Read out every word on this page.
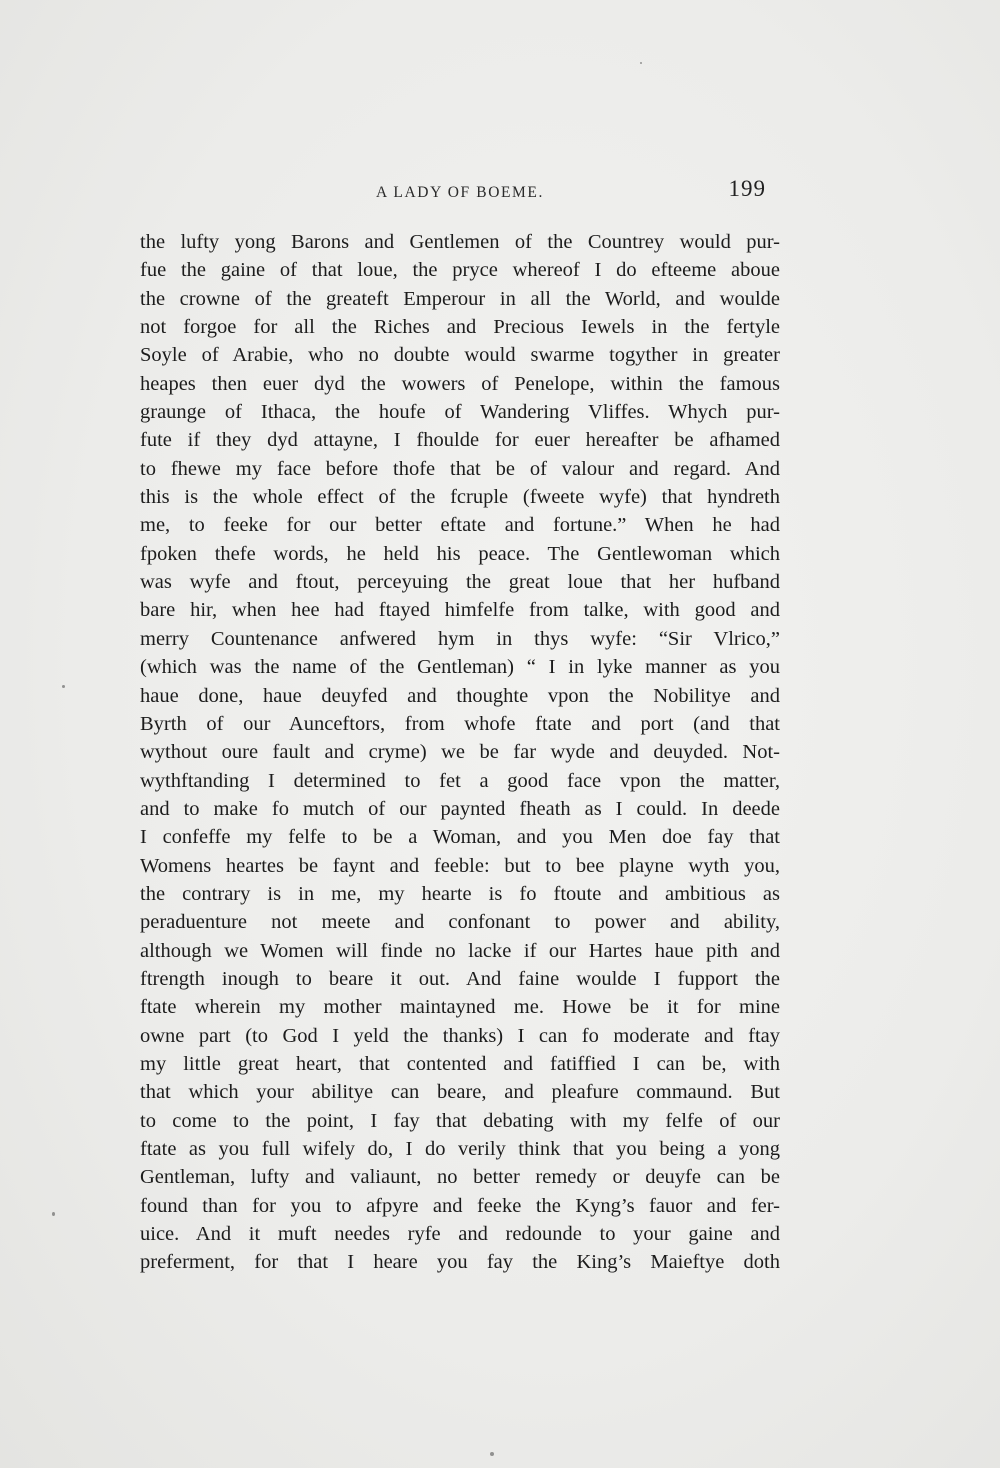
A LADY OF BOEME.	199
the lufty yong Barons and Gentlemen of the Countrey would pur-
fue the gaine of that loue, the pryce whereof I do efteeme aboue
the crowne of the greateft Emperour in all the World, and woulde
not forgoe for all the Riches and Precious Iewels in the fertyle
Soyle of Arabie, who no doubte would swarme togyther in greater
heapes then euer dyd the wowers of Penelope, within the famous
graunge of Ithaca, the houfe of Wandering Vliffes. Whych pur-
fute if they dyd attayne, I fhoulde for euer hereafter be afhamed
to fhewe my face before thofe that be of valour and regard. And
this is the whole effect of the fcruple (fweete wyfe) that hyndreth
me, to feeke for our better eftate and fortune.” When he had
fpoken thefe words, he held his peace. The Gentlewoman which
was wyfe and ftout, perceyuing the great loue that her hufband
bare hir, when hee had ftayed himfelfe from talke, with good and
merry Countenance anfwered hym in thys wyfe: “Sir Vlrico,”
(which was the name of the Gentleman) “ I in lyke manner as you
haue done, haue deuyfed and thoughte vpon the Nobilitye and
Byrth of our Aunceftors, from whofe ftate and port (and that
wythout oure fault and cryme) we be far wyde and deuyded. Not-
wythftanding I determined to fet a good face vpon the matter,
and to make fo mutch of our paynted fheath as I could. In deede
I confeffe my felfe to be a Woman, and you Men doe fay that
Womens heartes be faynt and feeble: but to bee playne wyth you,
the contrary is in me, my hearte is fo ftoute and ambitious as
peraduenture not meete and confonant to power and ability,
although we Women will finde no lacke if our Hartes haue pith and
ftrength inough to beare it out. And faine woulde I fupport the
ftate wherein my mother maintayned me. Howe be it for mine
owne part (to God I yeld the thanks) I can fo moderate and ftay
my little great heart, that contented and fatiffied I can be, with
that which your abilitye can beare, and pleafure commaund. But
to come to the point, I fay that debating with my felfe of our
ftate as you full wifely do, I do verily think that you being a yong
Gentleman, lufty and valiaunt, no better remedy or deuyfe can be
found than for you to afpyre and feeke the Kyng’s fauor and fer-
uice. And it muft needes ryfe and redounde to your gaine and
preferment, for that I heare you fay the King’s Maieftye doth
